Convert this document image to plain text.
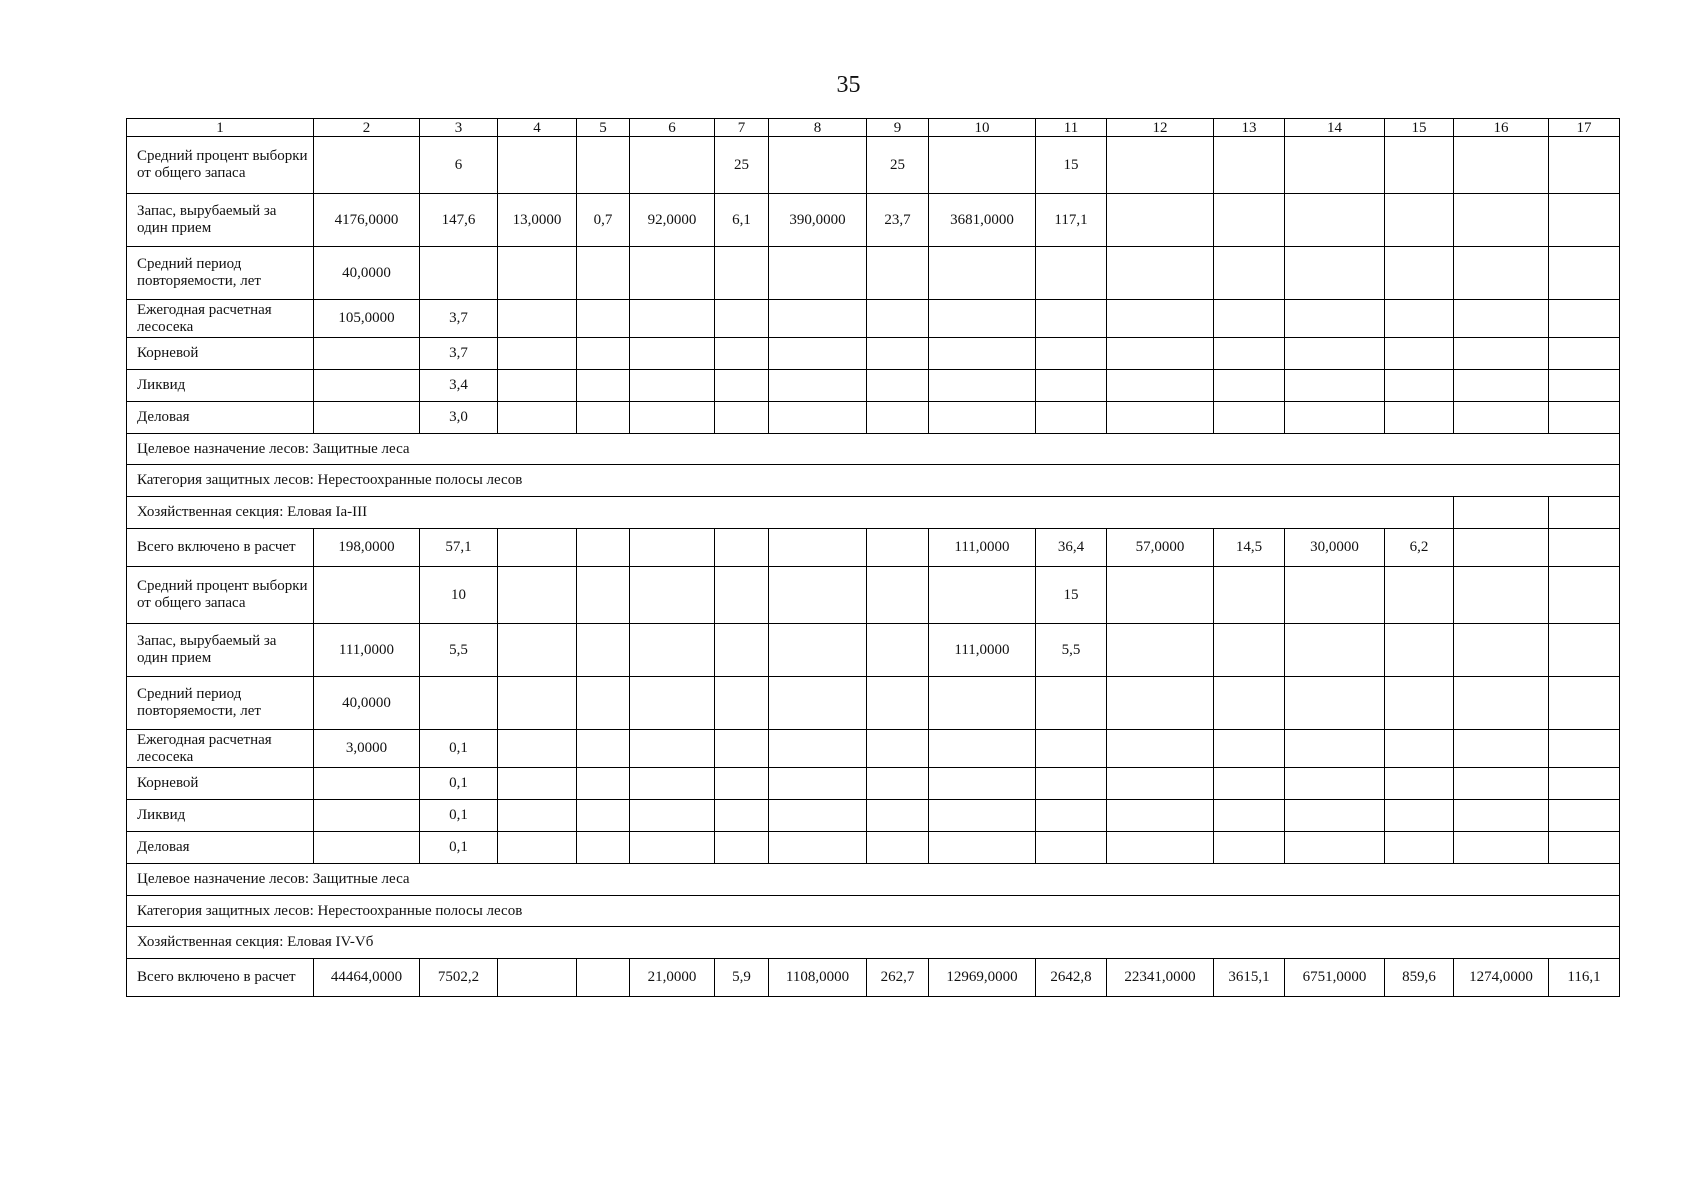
35
1	2	3	4	5	6	7	8	9	10	11	12	13	14	15	16	17
Средний процент выборки от общего запаса		6				25		25		15						
Запас, вырубаемый за один прием	4176,0000	147,6	13,0000	0,7	92,0000	6,1	390,0000	23,7	3681,0000	117,1						
Средний период повторяемости, лет	40,0000															
Ежегодная расчетная лесосека	105,0000	3,7														
Корневой		3,7														
Ликвид		3,4														
Деловая		3,0														
Целевое назначение лесов: Защитные леса																
Категория защитных лесов: Нерестоохранные полосы лесов																
Хозяйственная секция: Еловая Ia-III																
Всего включено в расчет	198,0000	57,1							111,0000	36,4	57,0000	14,5	30,0000	6,2		
Средний процент выборки от общего запаса		10								15						
Запас, вырубаемый за один прием	111,0000	5,5							111,0000	5,5						
Средний период повторяемости, лет	40,0000															
Ежегодная расчетная лесосека	3,0000	0,1														
Корневой		0,1														
Ликвид		0,1														
Деловая		0,1														
Целевое назначение лесов: Защитные леса																
Категория защитных лесов: Нерестоохранные полосы лесов																
Хозяйственная секция: Еловая IV-Vб																
Всего включено в расчет	44464,0000	7502,2			21,0000	5,9	1108,0000	262,7	12969,0000	2642,8	22341,0000	3615,1	6751,0000	859,6	1274,0000	116,1
